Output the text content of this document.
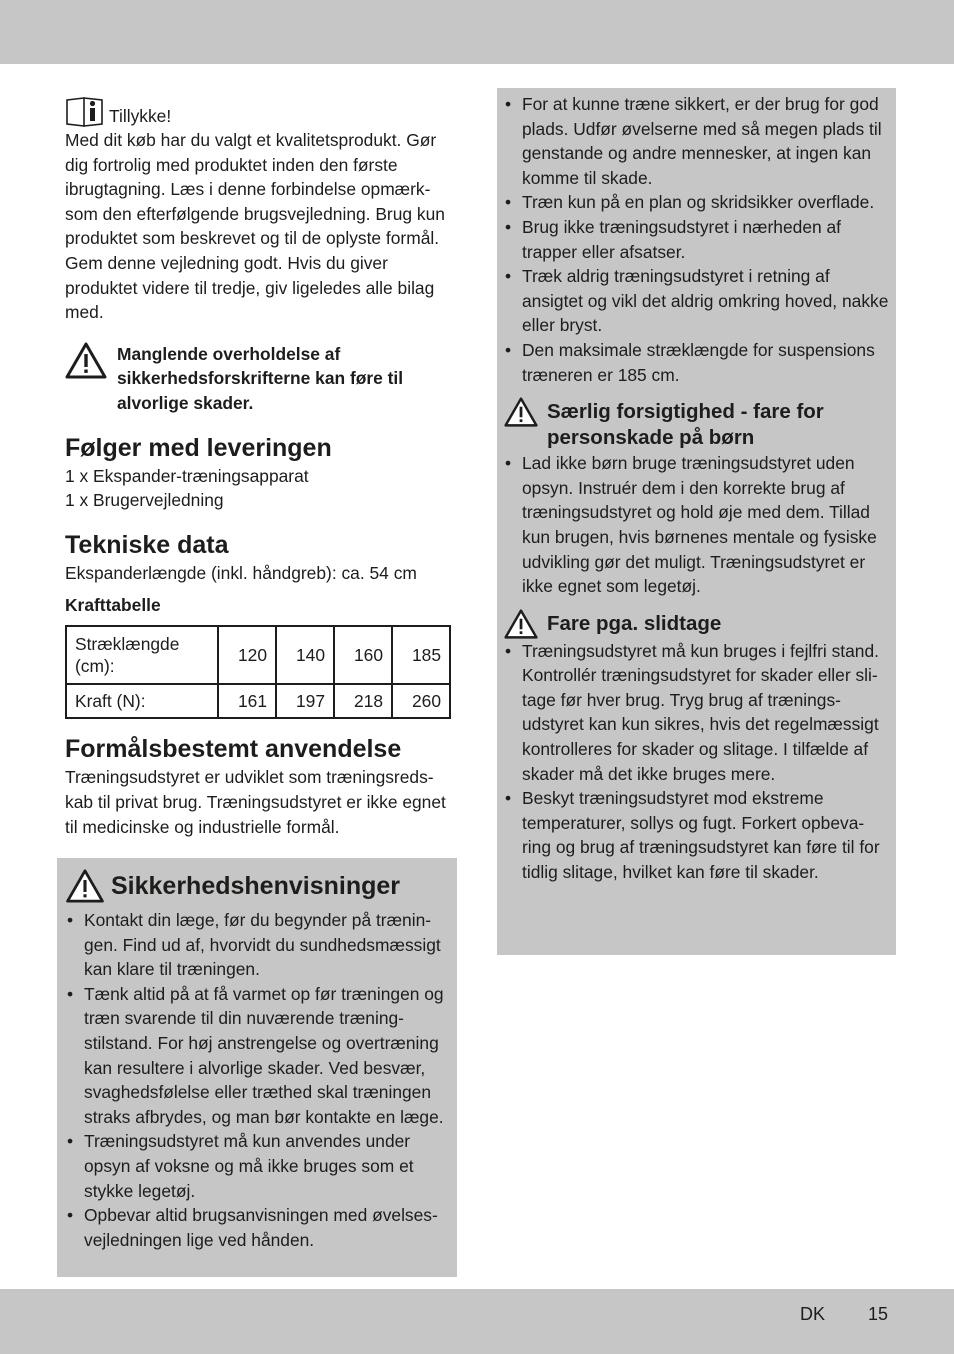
Tillykke!

Med dit køb har du valgt et kvalitetsprodukt. Gør dig fortrolig med produktet inden den første ibrugtagning. Læs i denne forbindelse opmærk-som den efterfølgende brugsvejledning. Brug kun produktet som beskrevet og til de oplyste formål. Gem denne vejledning godt. Hvis du giver produktet videre til tredje, giv ligeledes alle bilag med.

Manglende overholdelse af sikkerhedsforskrifterne kan føre til alvorlige skader.

Følger med leveringen

1 x Ekspander-træningsapparat

1 x Brugervejledning

Tekniske data

Ekspanderlængde (inkl. håndgreb): ca. 54 cm

Krafttabelle

Stræklængde (cm):	120	140	160	185
Kraft (N):	161	197	218	260
Formålsbestemt anvendelse

Træningsudstyret er udviklet som træningsreds-kab til privat brug. Træningsudstyret er ikke egnet til medicinske og industrielle formål.

Sikkerhedshenvisninger
• Kontakt din læge, før du begynder på trænin-gen. Find ud af, hvorvidt du sundhedsmæssigt kan klare til træningen.
• Tænk altid på at få varmet op før træningen og træn svarende til din nuværende træning-stilstand. For høj anstrengelse og overtræning kan resultere i alvorlige skader. Ved besvær, svaghedsfølelse eller træthed skal træningen straks afbrydes, og man bør kontakte en læge.
• Træningsudstyret må kun anvendes under opsyn af voksne og må ikke bruges som et stykke legetøj.
• Opbevar altid brugsanvisningen med øvelses-vejledningen lige ved hånden.
• For at kunne træne sikkert, er der brug for god plads. Udfør øvelserne med så megen plads til genstande og andre mennesker, at ingen kan komme til skade.
• Træn kun på en plan og skridsikker overflade.
• Brug ikke træningsudstyret i nærheden af trapper eller afsatser.
• Træk aldrig træningsudstyret i retning af ansigtet og vikl det aldrig omkring hoved, nakke eller bryst.
• Den maksimale stræklængde for suspensions træneren er 185 cm.

Særlig forsigtighed - fare for personskade på børn

• Lad ikke børn bruge træningsudstyret uden opsyn. Instruér dem i den korrekte brug af træningsudstyret og hold øje med dem. Tillad kun brugen, hvis børnenes mentale og fysiske udvikling gør det muligt. Træningsudstyret er ikke egnet som legetøj.

Fare pga. slidtage

• Træningsudstyret må kun bruges i fejlfri stand. Kontrollér træningsudstyret for skader eller sli-tage før hver brug. Tryg brug af trænings-udstyret kan kun sikres, hvis det regelmæssigt kontrolleres for skader og slitage. I tilfælde af skader må det ikke bruges mere.
• Beskyt træningsudstyret mod ekstreme temperaturer, sollys og fugt. Forkert opbeva-ring og brug af træningsudstyret kan føre til for tidlig slitage, hvilket kan føre til skader.
DK 15
